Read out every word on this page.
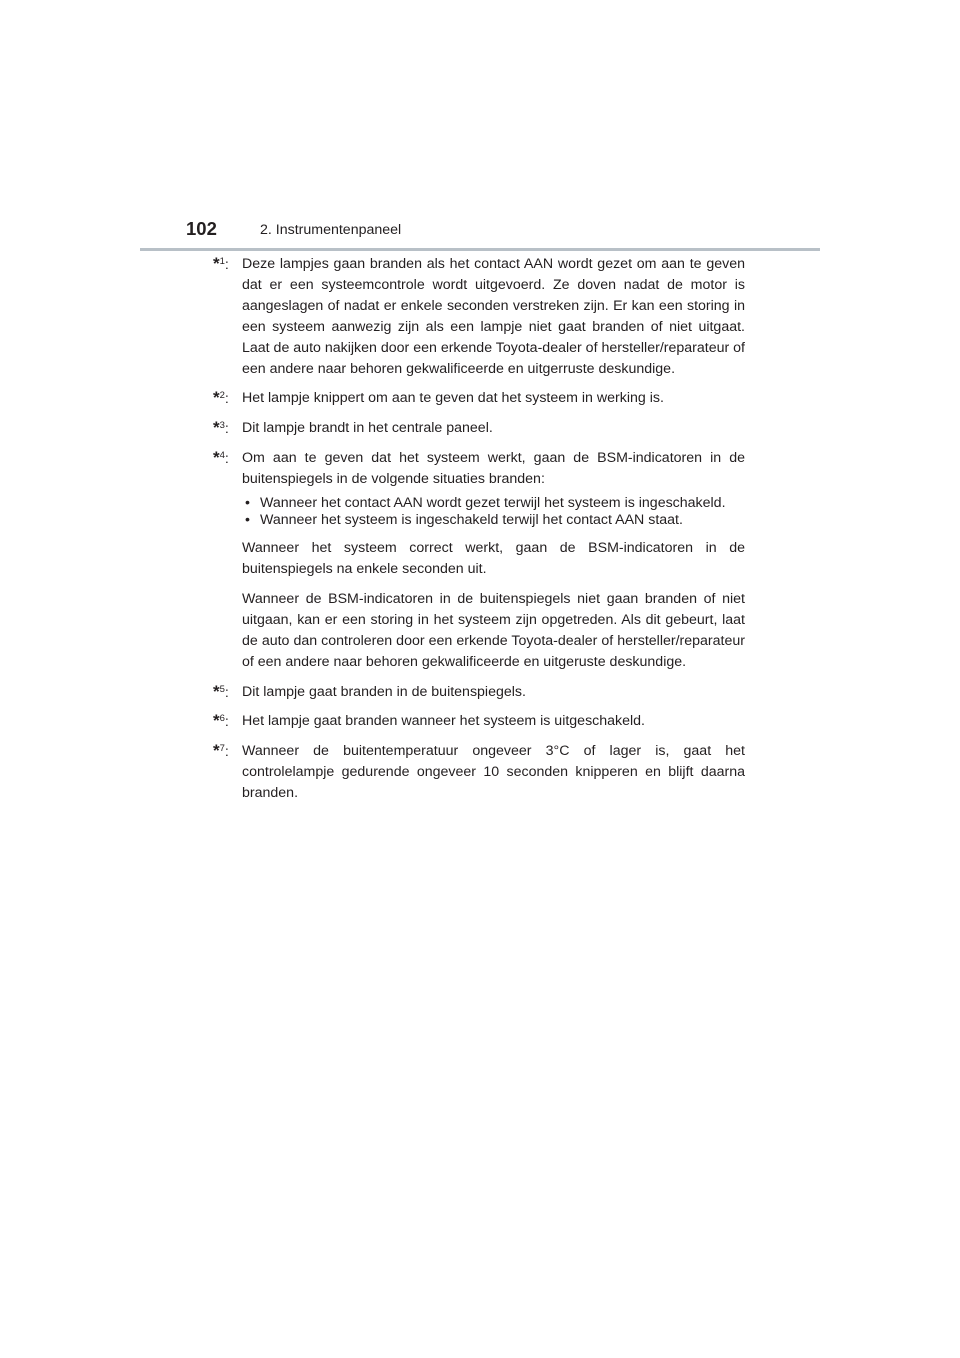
102	2. Instrumentenpaneel
*$^1$: Deze lampjes gaan branden als het contact AAN wordt gezet om aan te geven dat er een systeemcontrole wordt uitgevoerd. Ze doven nadat de motor is aangeslagen of nadat er enkele seconden verstreken zijn. Er kan een storing in een systeem aanwezig zijn als een lampje niet gaat branden of niet uitgaat. Laat de auto nakijken door een erkende Toyota-dealer of hersteller/reparateur of een andere naar behoren gekwalificeerde en uitgerruste deskundige.
*$^2$: Het lampje knippert om aan te geven dat het systeem in werking is.
*$^3$: Dit lampje brandt in het centrale paneel.
*$^4$: Om aan te geven dat het systeem werkt, gaan de BSM-indicatoren in de buitenspiegels in de volgende situaties branden:
• Wanneer het contact AAN wordt gezet terwijl het systeem is ingeschakeld.
• Wanneer het systeem is ingeschakeld terwijl het contact AAN staat.

Wanneer het systeem correct werkt, gaan de BSM-indicatoren in de buitenspiegels na enkele seconden uit.

Wanneer de BSM-indicatoren in de buitenspiegels niet gaan branden of niet uitgaan, kan er een storing in het systeem zijn opgetreden. Als dit gebeurt, laat de auto dan controleren door een erkende Toyota-dealer of hersteller/reparateur of een andere naar behoren gekwalificeerde en uitgeruste deskundige.

*$^5$: Dit lampje gaat branden in de buitenspiegels.
*$^6$: Het lampje gaat branden wanneer het systeem is uitgeschakeld.
*$^7$: Wanneer de buitentemperatuur ongeveer 3°C of lager is, gaat het controlelampje gedurende ongeveer 10 seconden knipperen en blijft daarna branden.
